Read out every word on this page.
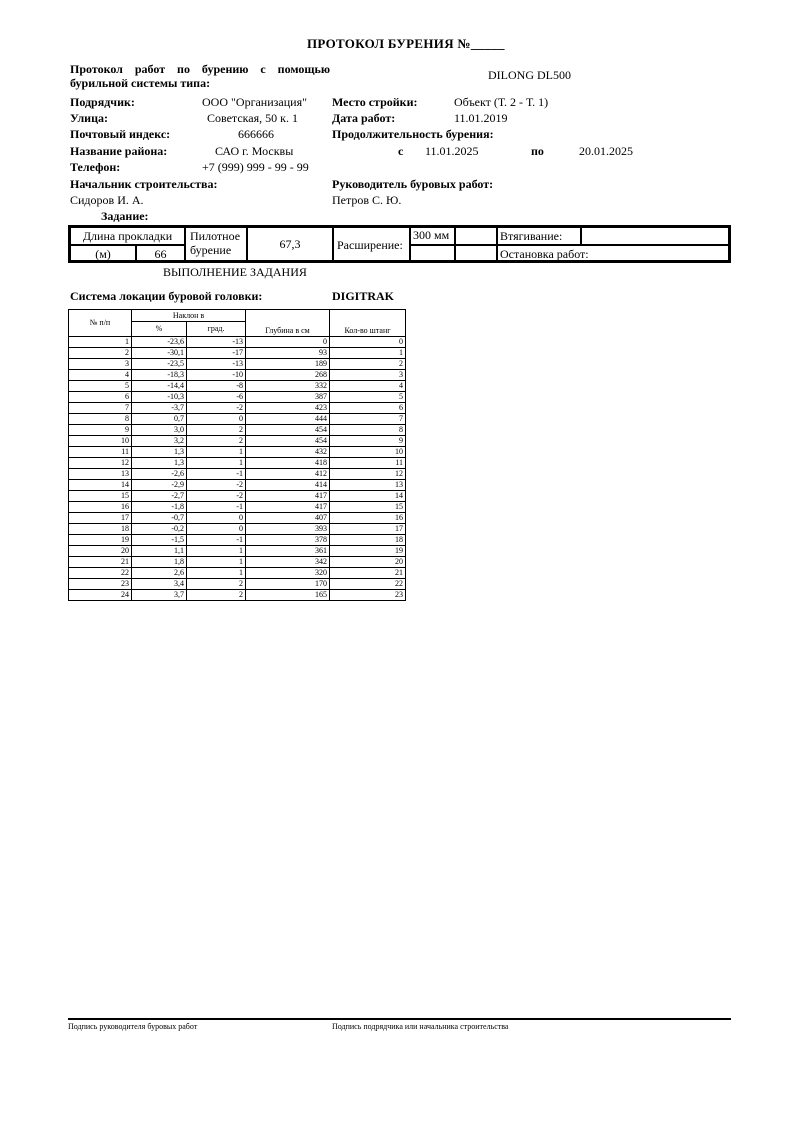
ПРОТОКОЛ БУРЕНИЯ №_____
Протокол работ по бурению с помощью
бурильной системы типа:
DILONG DL500
Подрядчик:	ООО "Организация"
Улица:	Советская, 50 к. 1
Почтовый индекс:	666666
Название района:	САО г. Москвы
Телефон:	+7 (999) 999 - 99 - 99
Место стройки:	Объект (Т. 2 - Т. 1)
Дата работ:	11.01.2019
Продолжительность бурения:
с 11.01.2025	по	20.01.2025
Начальник строительства:
Сидоров И. А.
Руководитель буровых работ:
Петров С. Ю.
Задание:
Длина прокладки
(м)	66
Пилотное
бурение	67,3	Расширение:
300 мм	Втягивание:
Остановка работ:
ВЫПОЛНЕНИЕ ЗАДАНИЯ
Система локации буровой головки:	DIGITRAK
№ п/п	Наклон в		Глубина в см	Кол-во штанг
	%	град.		
1	-23,6	-13	0	0
2	-30,1	-17	93	1
3	-23,5	-13	189	2
4	-18,3	-10	268	3
5	-14,4	-8	332	4
6	-10,3	-6	387	5
7	-3,7	-2	423	6
8	0,7	0	444	7
9	3,0	2	454	8
10	3,2	2	454	9
11	1,3	1	432	10
12	1,3	1	418	11
13	-2,6	-1	412	12
14	-2,9	-2	414	13
15	-2,7	-2	417	14
16	-1,8	-1	417	15
17	-0,7	0	407	16
18	-0,2	0	393	17
19	-1,5	-1	378	18
20	1,1	1	361	19
21	1,8	1	342	20
22	2,6	1	320	21
23	3,4	2	170	22
24	3,7	2	165	23
Подпись руководителя буровых работ	Подпись подрядчика или начальника строительства
